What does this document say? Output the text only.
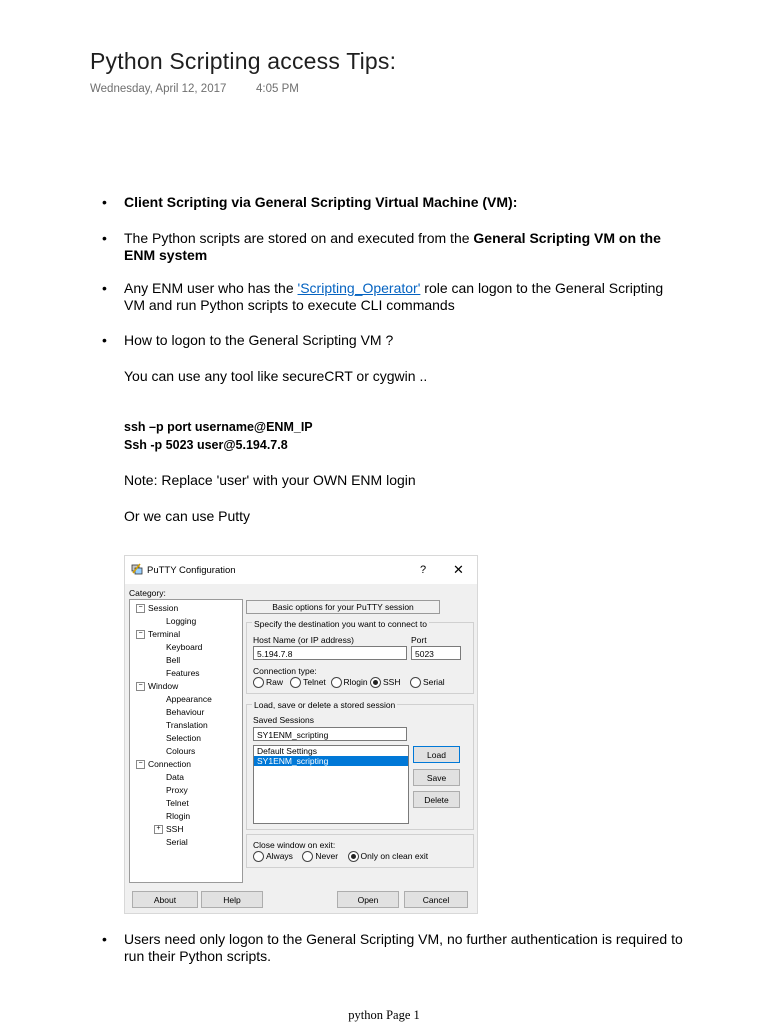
Python Scripting access Tips:
Wednesday, April 12, 2017	4:05 PM
• Client Scripting via General Scripting Virtual Machine (VM):
• The Python scripts are stored on and executed from the General Scripting VM on the
ENM system
• Any ENM user who has the 'Scripting_Operator' role can logon to the General Scripting
VM and run Python scripts to execute CLI commands
• How to logon to the General Scripting VM ?
You can use any tool like secureCRT or cygwin ..
ssh –p port username@ENM_IP
Ssh -p 5023 user@5.194.7.8
Note: Replace 'user' with your OWN ENM login
Or we can use Putty
PuTTY Configuration	? ✕
Category:
− Session
Logging
− Terminal
Keyboard
Bell
Features
− Window
Appearance
Behaviour
Translation
Selection
Colours
− Connection
Data
Proxy
Telnet
Rlogin
+ SSH
Serial
Basic options for your PuTTY session
Specify the destination you want to connect to
Host Name (or IP address)	Port
5.194.7.8	5023
Connection type:
Raw Telnet Rlogin SSH	Serial
Load, save or delete a stored session
Saved Sessions
SY1ENM_scripting
Default Settings
SY1ENM_scripting
Load
Save
Delete
Close window on exit:
Always	Never	Only on clean exit
About	Help	Open	Cancel
• Users need only logon to the General Scripting VM, no further authentication is required to
run their Python scripts.
python Page 1
